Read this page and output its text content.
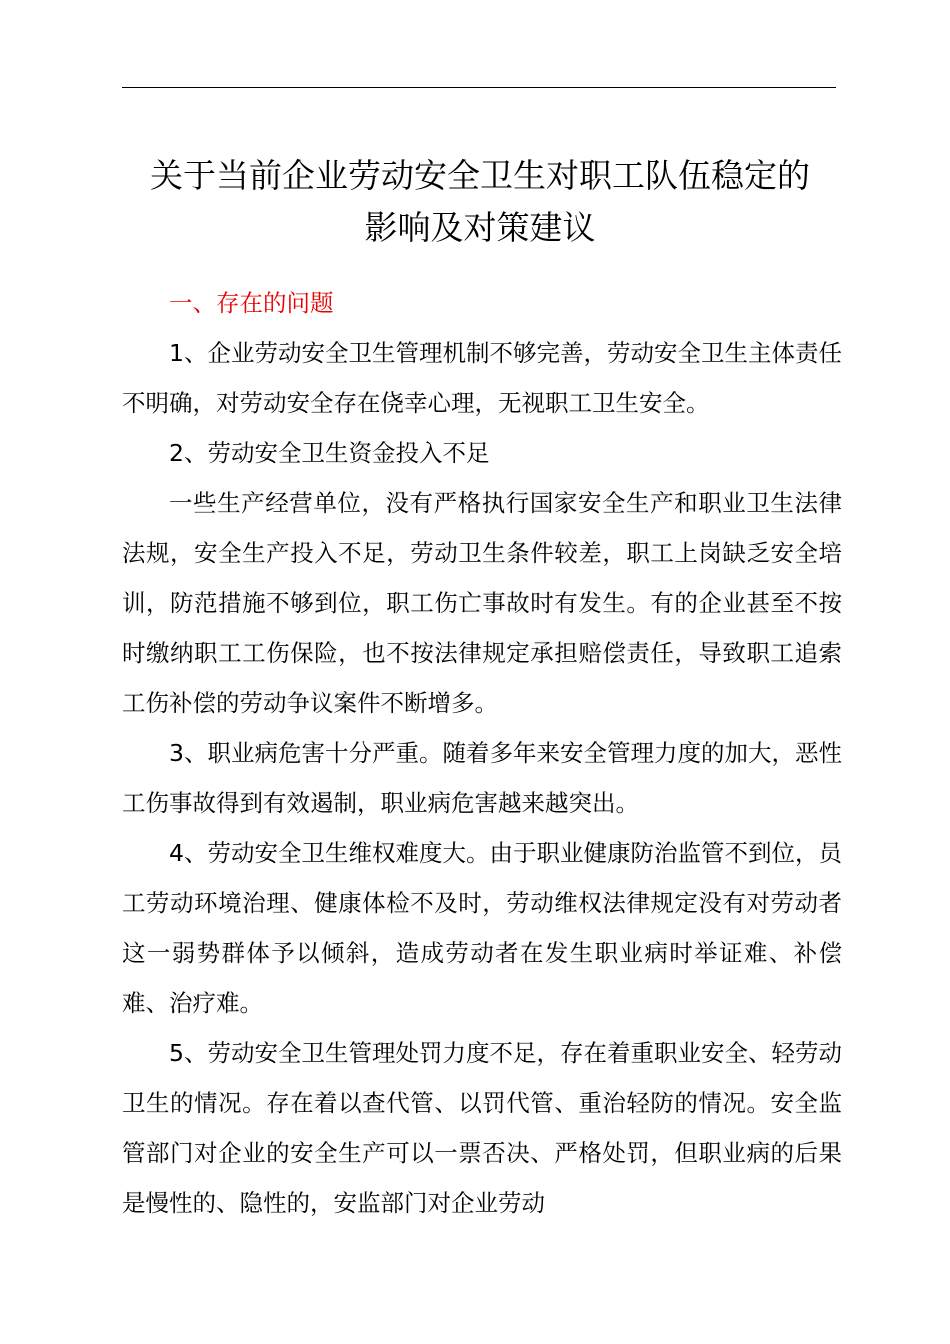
关于当前企业劳动安全卫生对职工队伍稳定的
影响及对策建议

一、存在的问题

1、企业劳动安全卫生管理机制不够完善，劳动安全卫生主体责任不明确，对劳动安全存在侥幸心理，无视职工卫生安全。

2、劳动安全卫生资金投入不足

一些生产经营单位，没有严格执行国家安全生产和职业卫生法律法规，安全生产投入不足，劳动卫生条件较差，职工上岗缺乏安全培训，防范措施不够到位，职工伤亡事故时有发生。有的企业甚至不按时缴纳职工工伤保险，也不按法律规定承担赔偿责任，导致职工追索工伤补偿的劳动争议案件不断增多。

3、职业病危害十分严重。随着多年来安全管理力度的加大，恶性工伤事故得到有效遏制，职业病危害越来越突出。

4、劳动安全卫生维权难度大。由于职业健康防治监管不到位，员工劳动环境治理、健康体检不及时，劳动维权法律规定没有对劳动者这一弱势群体予以倾斜，造成劳动者在发生职业病时举证难、补偿难、治疗难。

5、劳动安全卫生管理处罚力度不足，存在着重职业安全、轻劳动卫生的情况。存在着以查代管、以罚代管、重治轻防的情况。安全监管部门对企业的安全生产可以一票否决、严格处罚，但职业病的后果是慢性的、隐性的，安监部门对企业劳动
